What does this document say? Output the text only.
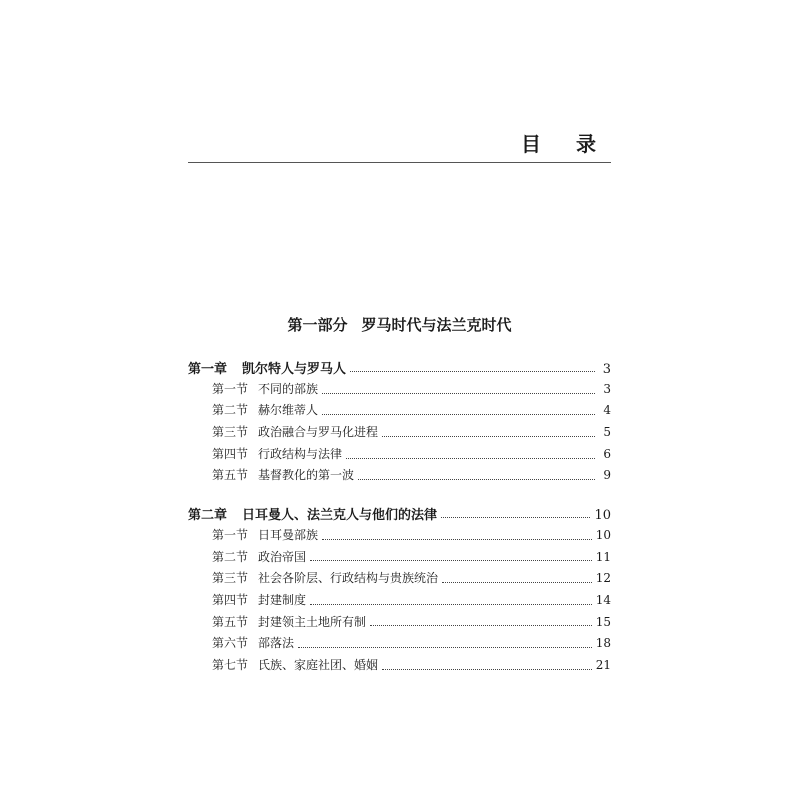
目 录
第一部分 罗马时代与法兰克时代
第一章	凯尔特人与罗马人	3
第一节 不同的部族	3
第二节 赫尔维蒂人	4
第三节 政治融合与罗马化进程	5
第四节 行政结构与法律	6
第五节 基督教化的第一波	9
第二章	日耳曼人、法兰克人与他们的法律	10
第一节 日耳曼部族	10
第二节 政治帝国	11
第三节 社会各阶层、行政结构与贵族统治	12
第四节 封建制度	14
第五节 封建领主土地所有制	15
第六节 部落法	18
第七节 氏族、家庭社团、婚姻	21
